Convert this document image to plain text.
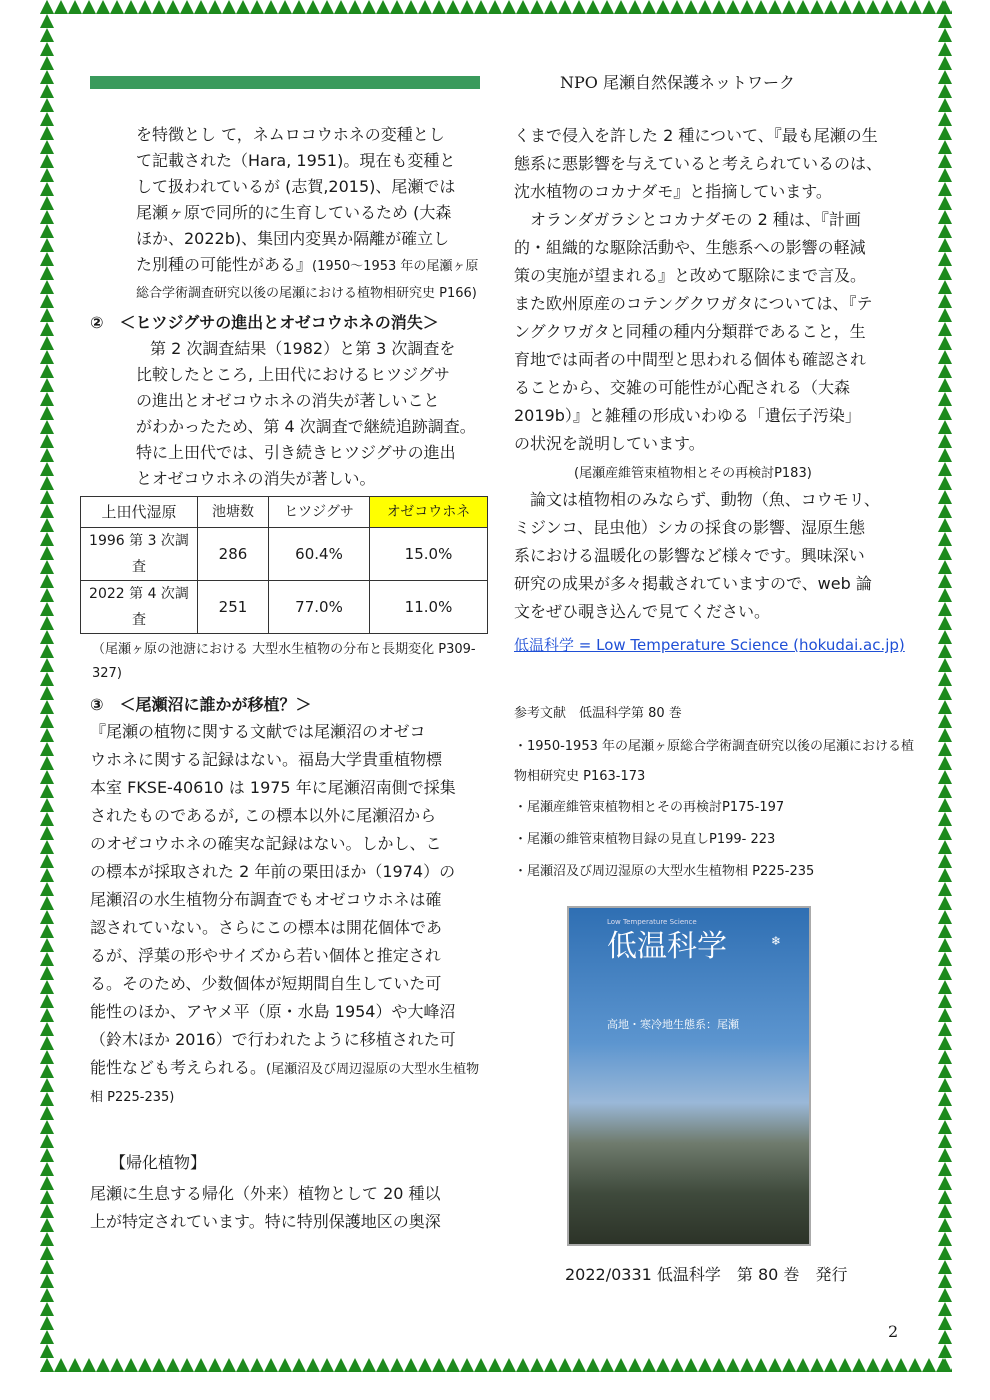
NPO 尾瀬自然保護ネットワーク

を特徴とし て，ネムロコウホネの変種とし

て記載された（Hara, 1951)。現在も変種と

して扱われているが (志賀,2015)、尾瀬では

尾瀬ヶ原で同所的に生育しているため (大森

ほか、2022b)、集団内変異か隔離が確立し

た別種の可能性がある』(1950～1953 年の尾瀬ヶ原総合学術調査研究以後の尾瀬における植物相研究史 P166)

②　＜ヒツジグサの進出とオゼコウホネの消失＞

第 2 次調査結果（1982）と第 3 次調査を

比較したところ, 上田代におけるヒツジグサ

の進出とオゼコウホネの消失が著しいこと

がわかったため、第 4 次調査で継続追跡調査。

特に上田代では、引き続きヒツジグサの進出

とオゼコウホネの消失が著しい。

上田代湿原	池塘数	ヒツジグサ	オゼコウホネ
1996 第 3 次調査	286	60.4%	15.0%
2022 第 4 次調査	251	77.0%	11.0%

（尾瀬ヶ原の池溏における 大型水生植物の分布と長期変化 P309-327)

③　＜尾瀬沼に誰かが移植？＞

『尾瀬の植物に関する文献では尾瀬沼のオゼコ

ウホネに関する記録はない。福島大学貴重植物標

本室 FKSE-40610 は 1975 年に尾瀬沼南側で採集

されたものであるが, この標本以外に尾瀬沼から

のオゼコウホネの確実な記録はない。しかし、こ

の標本が採取された 2 年前の栗田ほか（1974）の

尾瀬沼の水生植物分布調査でもオゼコウホネは確

認されていない。さらにこの標本は開花個体であ

るが、浮葉の形やサイズから若い個体と推定され

る。そのため、少数個体が短期間自生していた可

能性のほか、アヤメ平（原・水島 1954）や大峰沼

（鈴木ほか 2016）で行われたように移植された可

能性なども考えられる。(尾瀬沼及び周辺湿原の大型水生植物相 P225-235)

【帰化植物】

尾瀬に生息する帰化（外来）植物として 20 種以

上が特定されています。特に特別保護地区の奥深

くまで侵入を許した 2 種について、『最も尾瀬の生

態系に悪影響を与えていると考えられているのは、

沈水植物のコカナダモ』と指摘しています。

オランダガラシとコカナダモの 2 種は、『計画

的・組織的な駆除活動や、生態系への影響の軽減

策の実施が望まれる』と改めて駆除にまで言及。

また欧州原産のコテングクワガタについては、『テ

ングクワガタと同種の種内分類群であること，生

育地では両者の中間型と思われる個体も確認され

ることから、交雑の可能性が心配される（大森

2019b）』と雑種の形成いわゆる「遺伝子汚染」

の状況を説明しています。

(尾瀬産維管束植物相とその再検討P183)

論文は植物相のみならず、動物（魚、コウモリ、

ミジンコ、昆虫他）シカの採食の影響、湿原生態

系における温暖化の影響など様々です。興味深い

研究の成果が多々掲載されていますので、web 論

文をぜひ覗き込んで見てください。

低温科学 = Low Temperature Science (hokudai.ac.jp)

参考文献　低温科学第 80 巻

・1950-1953 年の尾瀬ヶ原総合学術調査研究以後の尾瀬における植物相研究史 P163-173

・尾瀬産維管束植物相とその再検討P175-197

・尾瀬の維管束植物目録の見直しP199- 223

・尾瀬沼及び周辺湿原の大型水生植物相 P225-235

Low Temperature Science
低温科学	❄
高地・寒冷地生態系：尾瀬
2022/0331 低温科学　第 80 巻　発行
2
